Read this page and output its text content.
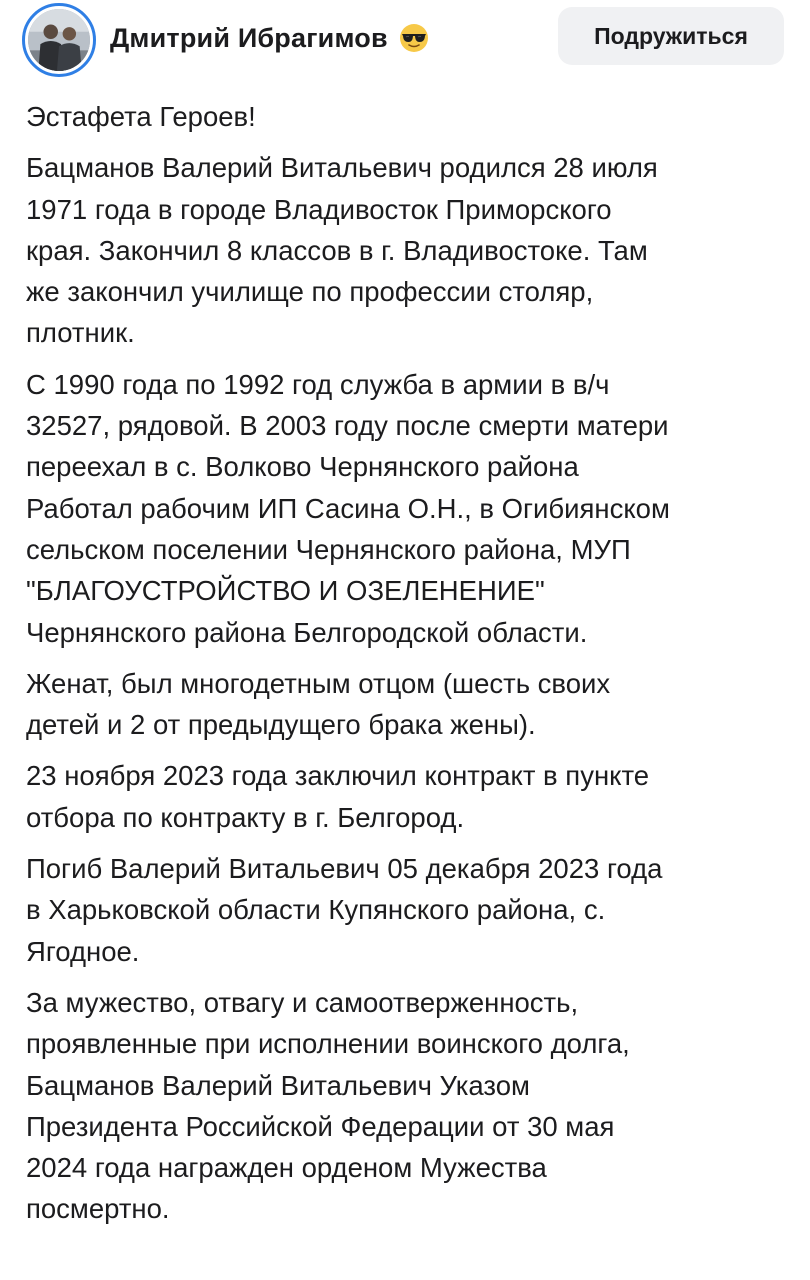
Дмитрий Ибрагимов	Подружиться

Эстафета Героев!

Бацманов Валерий Витальевич родился 28 июля
1971 года в городе Владивосток Приморского
края. Закончил 8 классов в г. Владивостоке. Там
же закончил училище по профессии столяр,
плотник.

С 1990 года по 1992 год служба в армии в в/ч
32527, рядовой. В 2003 году после смерти матери
переехал в с. Волково Чернянского района
Работал рабочим ИП Сасина О.Н., в Огибиянском
сельском поселении Чернянского района, МУП
"БЛАГОУСТРОЙСТВО И ОЗЕЛЕНЕНИЕ"
Чернянского района Белгородской области.

Женат, был многодетным отцом (шесть своих
детей и 2 от предыдущего брака жены).

23 ноября 2023 года заключил контракт в пункте
отбора по контракту в г. Белгород.

Погиб Валерий Витальевич 05 декабря 2023 года
в Харьковской области Купянского района, с.
Ягодное.

За мужество, отвагу и самоотверженность,
проявленные при исполнении воинского долга,
Бацманов Валерий Витальевич Указом
Президента Российской Федерации от 30 мая
2024 года награжден орденом Мужества
посмертно.
